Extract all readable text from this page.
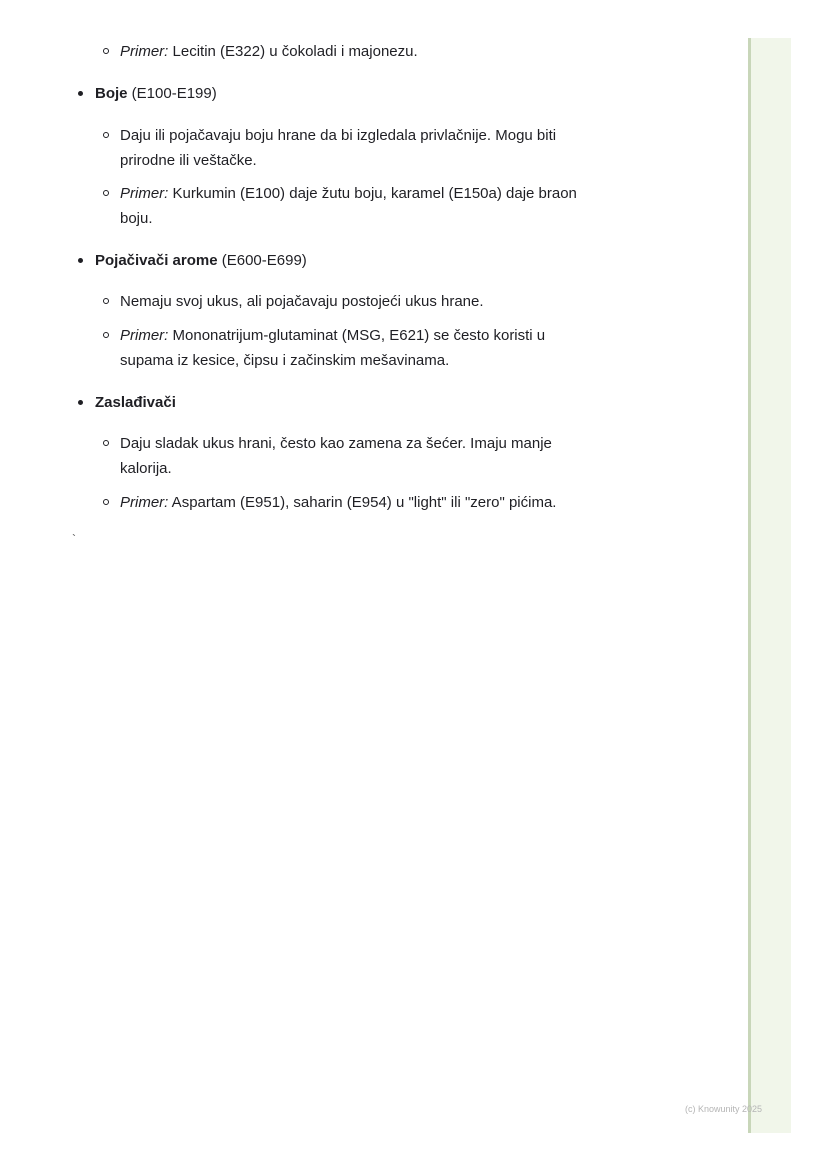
Primer: Lecitin (E322) u čokoladi i majonezu.
Boje (E100-E199)
Daju ili pojačavaju boju hrane da bi izgledala privlačnije. Mogu biti prirodne ili veštačke.
Primer: Kurkumin (E100) daje žutu boju, karamel (E150a) daje braon boju.
Pojačivači arome (E600-E699)
Nemaju svoj ukus, ali pojačavaju postojeći ukus hrane.
Primer: Mononatrijum-glutaminat (MSG, E621) se često koristi u supama iz kesice, čipsu i začinskim mešavinama.
Zaslađivači
Daju sladak ukus hrani, često kao zamena za šećer. Imaju manje kalorija.
Primer: Aspartam (E951), saharin (E954) u "light" ili "zero" pićima.
`
(c) Knowunity 2025
